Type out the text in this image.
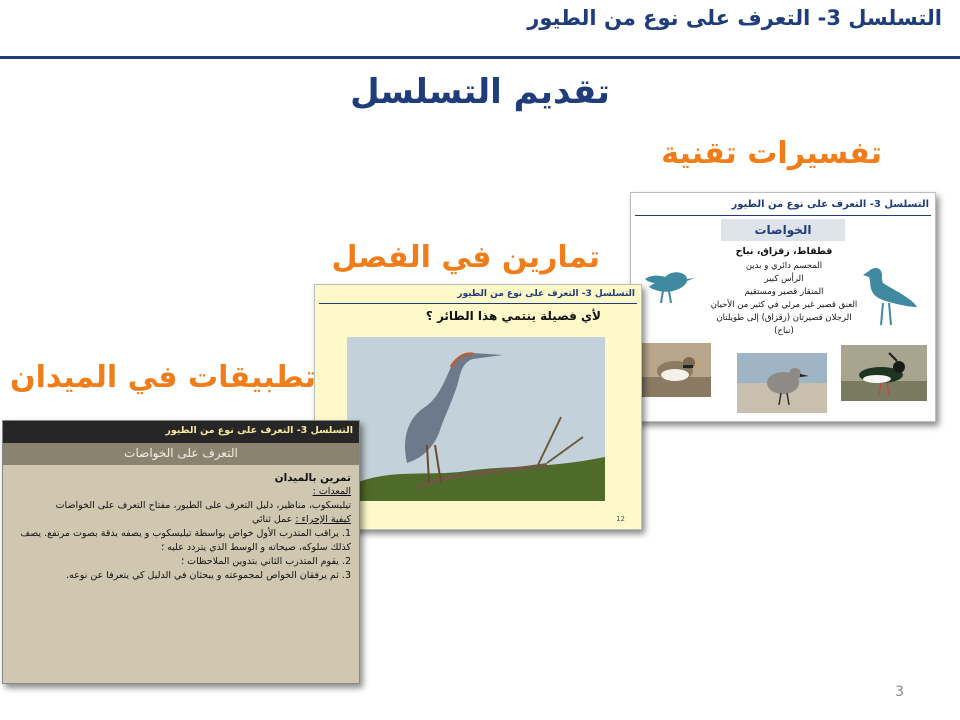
التسلسل 3- التعرف على نوع من الطيور
تقديم التسلسل
التسلسل 3- التعرف على نوع من الطيور
الخواصات
قطقاط، زقزاق، نباح
المجسم دائري و بدين
الرأس كبير
المنقار قصير ومستقيم
العنق قصير غير مرئي في كثير من الأحيان
الرجلان قصيرتان (زقزاق) إلى طويلتان
(نباح)
التسلسل 3- التعرف على نوع من الطيور
لأي فصيلة ينتمي هذا الطائر ؟
12
التسلسل 3- التعرف على نوع من الطيور
التعرف على الخواضات
تمرين بالميدان
المعدات :
تيليسكوب، مناظير، دليل التعرف على الطيور، مفتاح التعرف على الخواضات
كيفية الإجراء : عمل ثنائي
1. يراقب المتدرب الأول خواض بواسطة تيليسكوب و يصفه بدقة بصوت مرتفع. يصف كذلك سلوكه، صيحاته و الوسط الذي يتردد عليه ؛
2. يقوم المتدرب الثاني بتدوين الملاحظات ؛
3. ثم يرفقان الخواص لمجموعته و يبحثان في الدليل كي يتعرفا عن نوعه.
تفسيرات تقنية
تمارين في الفصل
تطبيقات في الميدان
3
